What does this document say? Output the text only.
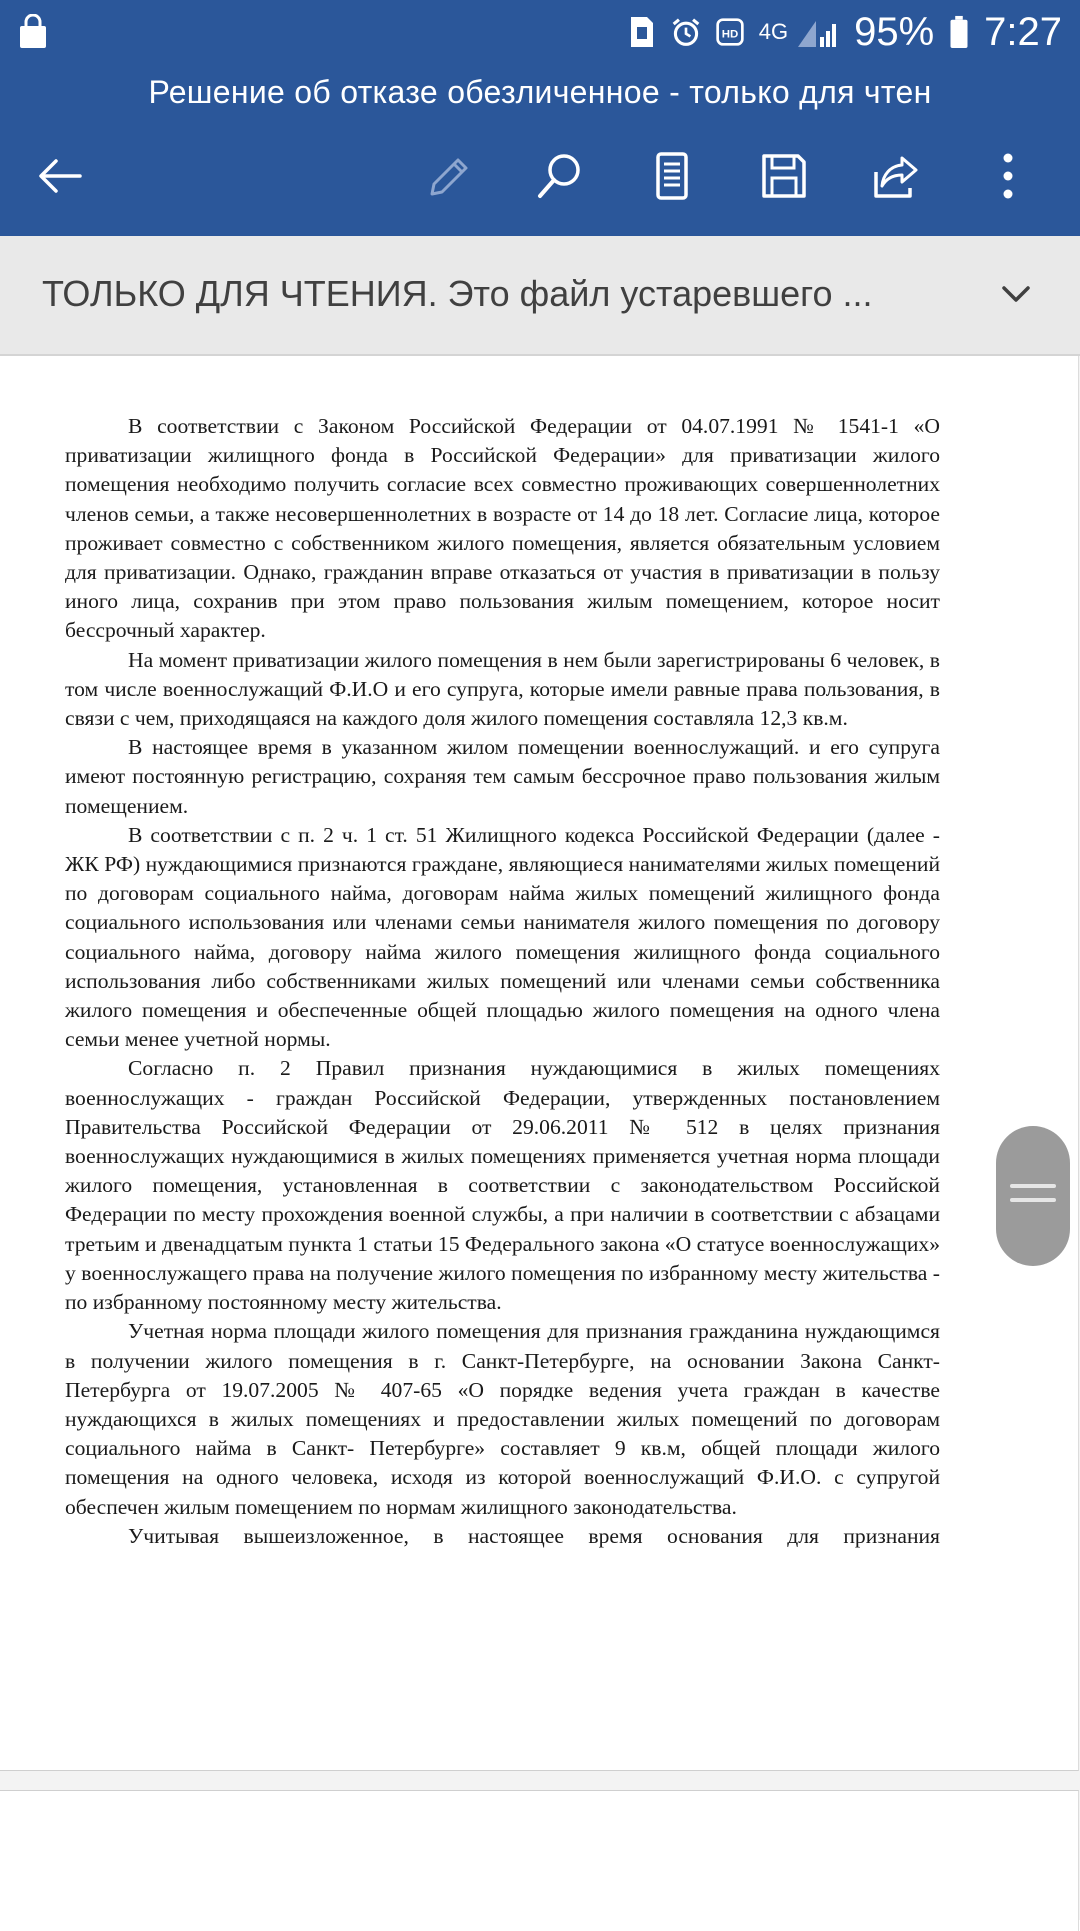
HD 4G 95% 7:27
Решение об отказе обезличенное - только для чтен
ТОЛЬКО ДЛЯ ЧТЕНИЯ. Это файл устаревшего ...

В соответствии с Законом Российской Федерации от 04.07.1991 № 1541-1 «О приватизации жилищного фонда в Российской Федерации» для приватизации жилого помещения необходимо получить согласие всех совместно проживающих совершеннолетних членов семьи, а также несовершеннолетних в возрасте от 14 до 18 лет. Согласие лица, которое проживает совместно с собственником жилого помещения, является обязательным условием для приватизации. Однако, гражданин вправе отказаться от участия в приватизации в пользу иного лица, сохранив при этом право пользования жилым помещением, которое носит бессрочный характер.

На момент приватизации жилого помещения в нем были зарегистрированы 6 человек, в том числе военнослужащий Ф.И.О и его супруга, которые имели равные права пользования, в связи с чем, приходящаяся на каждого доля жилого помещения составляла 12,3 кв.м.

В настоящее время в указанном жилом помещении военнослужащий. и его супруга имеют постоянную регистрацию, сохраняя тем самым бессрочное право пользования жилым помещением.

В соответствии с п. 2 ч. 1 ст. 51 Жилищного кодекса Российской Федерации (далее - ЖК РФ) нуждающимися признаются граждане, являющиеся нанимателями жилых помещений по договорам социального найма, договорам найма жилых помещений жилищного фонда социального использования или членами семьи нанимателя жилого помещения по договору социального найма, договору найма жилого помещения жилищного фонда социального использования либо собственниками жилых помещений или членами семьи собственника жилого помещения и обеспеченные общей площадью жилого помещения на одного члена семьи менее учетной нормы.

Согласно п. 2 Правил признания нуждающимися в жилых помещениях военнослужащих - граждан Российской Федерации, утвержденных постановлением Правительства Российской Федерации от 29.06.2011 № 512 в целях признания военнослужащих нуждающимися в жилых помещениях применяется учетная норма площади жилого помещения, установленная в соответствии с законодательством Российской Федерации по месту прохождения военной службы, а при наличии в соответствии с абзацами третьим и двенадцатым пункта 1 статьи 15 Федерального закона «О статусе военнослужащих» у военнослужащего права на получение жилого помещения по избранному месту жительства - по избранному постоянному месту жительства.

Учетная норма площади жилого помещения для признания гражданина нуждающимся в получении жилого помещения в г. Санкт-Петербурге, на основании Закона Санкт-Петербурга от 19.07.2005 № 407-65 «О порядке ведения учета граждан в качестве нуждающихся в жилых помещениях и предоставлении жилых помещений по договорам социального найма в Санкт- Петербурге» составляет 9 кв.м, общей площади жилого помещения на одного человека, исходя из которой военнослужащий Ф.И.О. с супругой обеспечен жилым помещением по нормам жилищного законодательства.

Учитывая вышеизложенное, в настоящее время основания для признания
